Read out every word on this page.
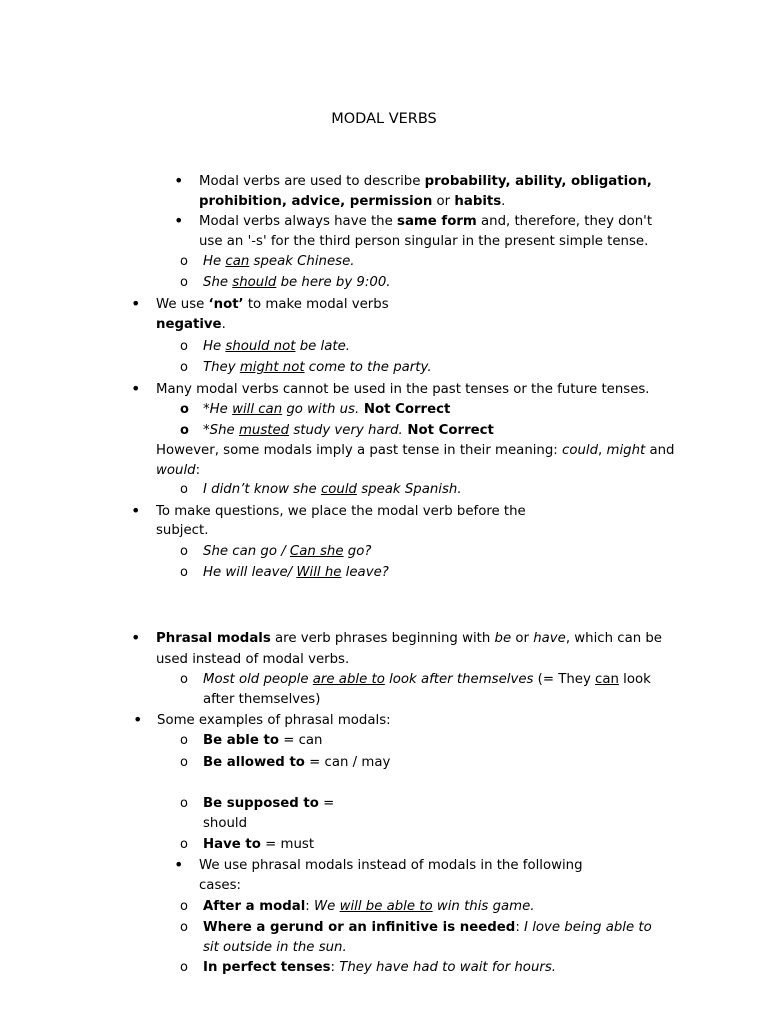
MODAL VERBS
• Modal verbs are used to describe probability, ability, obligation,
prohibition, advice, permission or habits.
• Modal verbs always have the same form and, therefore, they don't
use an '-s' for the third person singular in the present simple tense.
o He can speak Chinese.
o She should be here by 9:00.
• We use ‘not’ to make modal verbs
negative.
o He should not be late.
o They might not come to the party.
• Many modal verbs cannot be used in the past tenses or the future tenses.
o *He will can go with us. Not Correct
o *She musted study very hard. Not Correct
However, some modals imply a past tense in their meaning: could, might and
would:
o I didn’t know she could speak Spanish.
• To make questions, we place the modal verb before the
subject.
o She can go / Can she go?
o He will leave/ Will he leave?
• Phrasal modals are verb phrases beginning with be or have, which can be
used instead of modal verbs.
o Most old people are able to look after themselves (= They can look
after themselves)
• Some examples of phrasal modals:
o Be able to = can
o Be allowed to = can / may
o Be supposed to =
should
o Have to = must
• We use phrasal modals instead of modals in the following
cases:
o After a modal: We will be able to win this game.
o Where a gerund or an infinitive is needed: I love being able to
sit outside in the sun.
o In perfect tenses: They have had to wait for hours.
